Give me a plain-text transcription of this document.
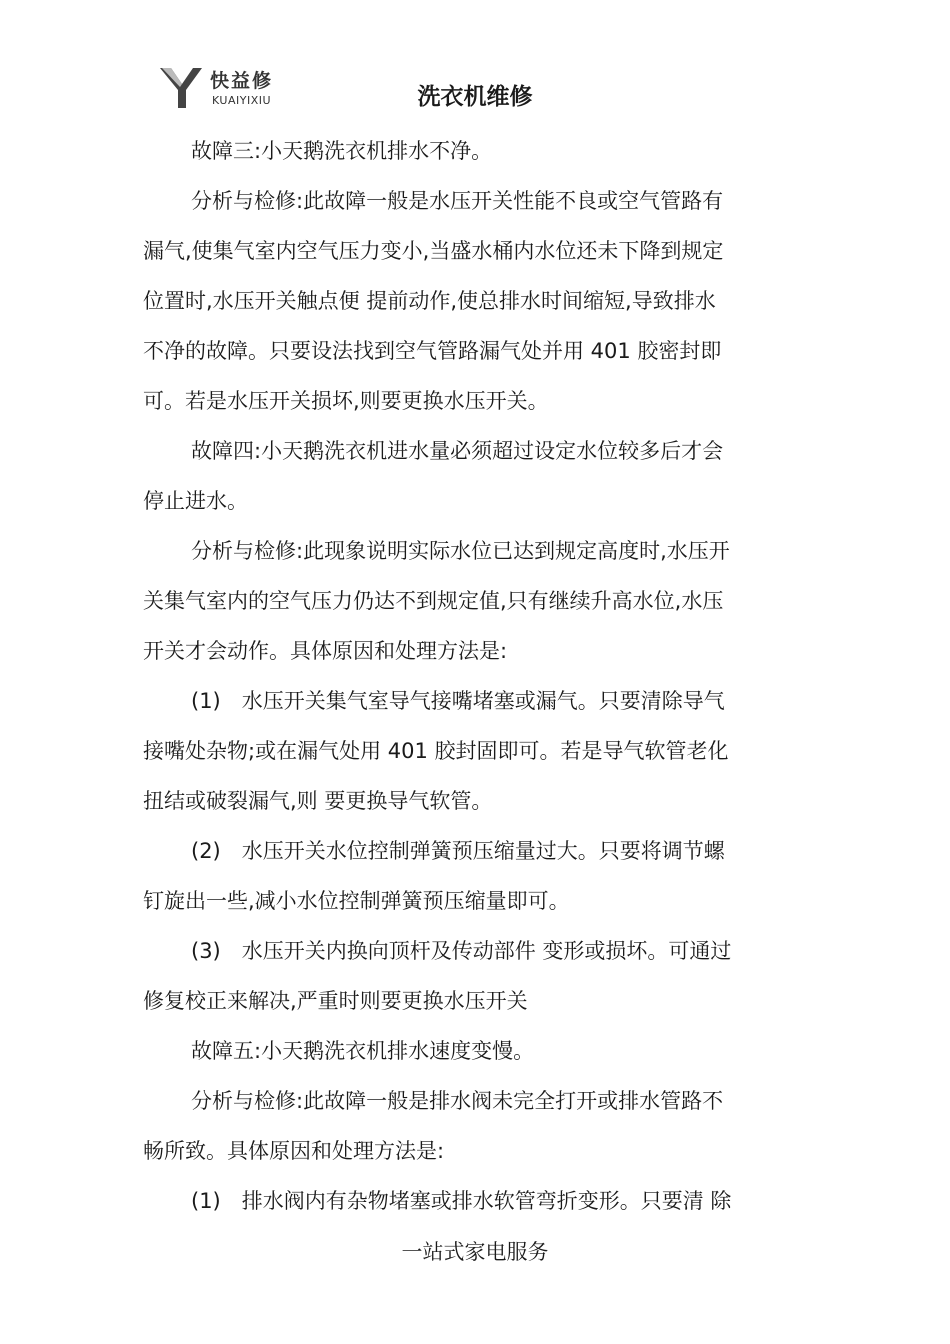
快益修
KUAIYIXIU	洗衣机维修
故障三:小天鹅洗衣机排水不净。
分析与检修:此故障一般是水压开关性能不良或空气管路有
漏气,使集气室内空气压力变小,当盛水桶内水位还未下降到规定
位置时,水压开关触点便 提前动作,使总排水时间缩短,导致排水
不净的故障。只要设法找到空气管路漏气处并用 401 胶密封即
可。若是水压开关损坏,则要更换水压开关。
故障四:小天鹅洗衣机进水量必须超过设定水位较多后才会
停止进水。
分析与检修:此现象说明实际水位已达到规定高度时,水压开
关集气室内的空气压力仍达不到规定值,只有继续升高水位,水压
开关才会动作。具体原因和处理方法是:
(1)　水压开关集气室导气接嘴堵塞或漏气。只要清除导气
接嘴处杂物;或在漏气处用 401 胶封固即可。若是导气软管老化
扭结或破裂漏气,则 要更换导气软管。
(2)　水压开关水位控制弹簧预压缩量过大。只要将调节螺
钉旋出一些,减小水位控制弹簧预压缩量即可。
(3)　水压开关内换向顶杆及传动部件 变形或损坏。可通过
修复校正来解决,严重时则要更换水压开关
故障五:小天鹅洗衣机排水速度变慢。
分析与检修:此故障一般是排水阀未完全打开或排水管路不
畅所致。具体原因和处理方法是:
(1)　排水阀内有杂物堵塞或排水软管弯折变形。只要清 除
一站式家电服务
